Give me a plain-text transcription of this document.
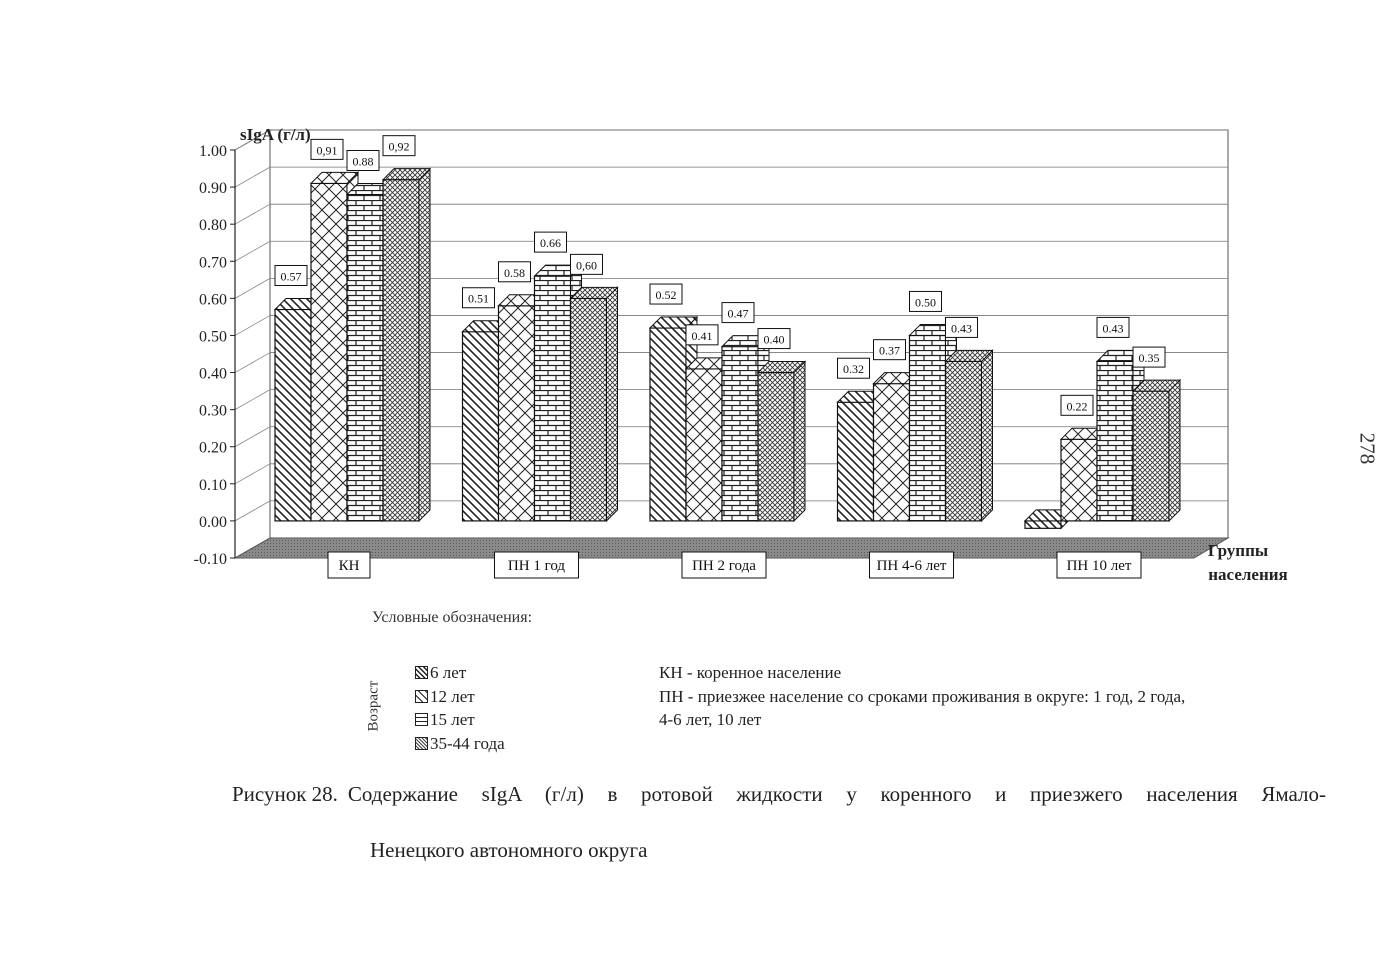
0.57
0,91
0.88
0,92
0.51
0.58
0.66
0,60
0.52
0.41
0.47
0.40
0.32
0.37
0.50
0.43
0.22
0.43
0.35
КН	ПН 1 год	ПН 2 года	ПН 4-6 лет	ПН 10 лет
1.00
0.90
0.80
0.70
0.60
0.50
0.40
0.30
0.20
0.10
0.00
-0.10
sIgA (г/л)
Группы населения
Условные обозначения:
Возраст
6 лет
12 лет
15 лет
35-44 года
КН - коренное население
ПН - приезжее население со сроками проживания в округе: 1 год, 2 года,
4-6 лет, 10 лет
278
Рисунок 28. Содержание sIgA (г/л) в ротовой жидкости у коренного и приезжего населения Ямало-
Ненецкого автономного округа
